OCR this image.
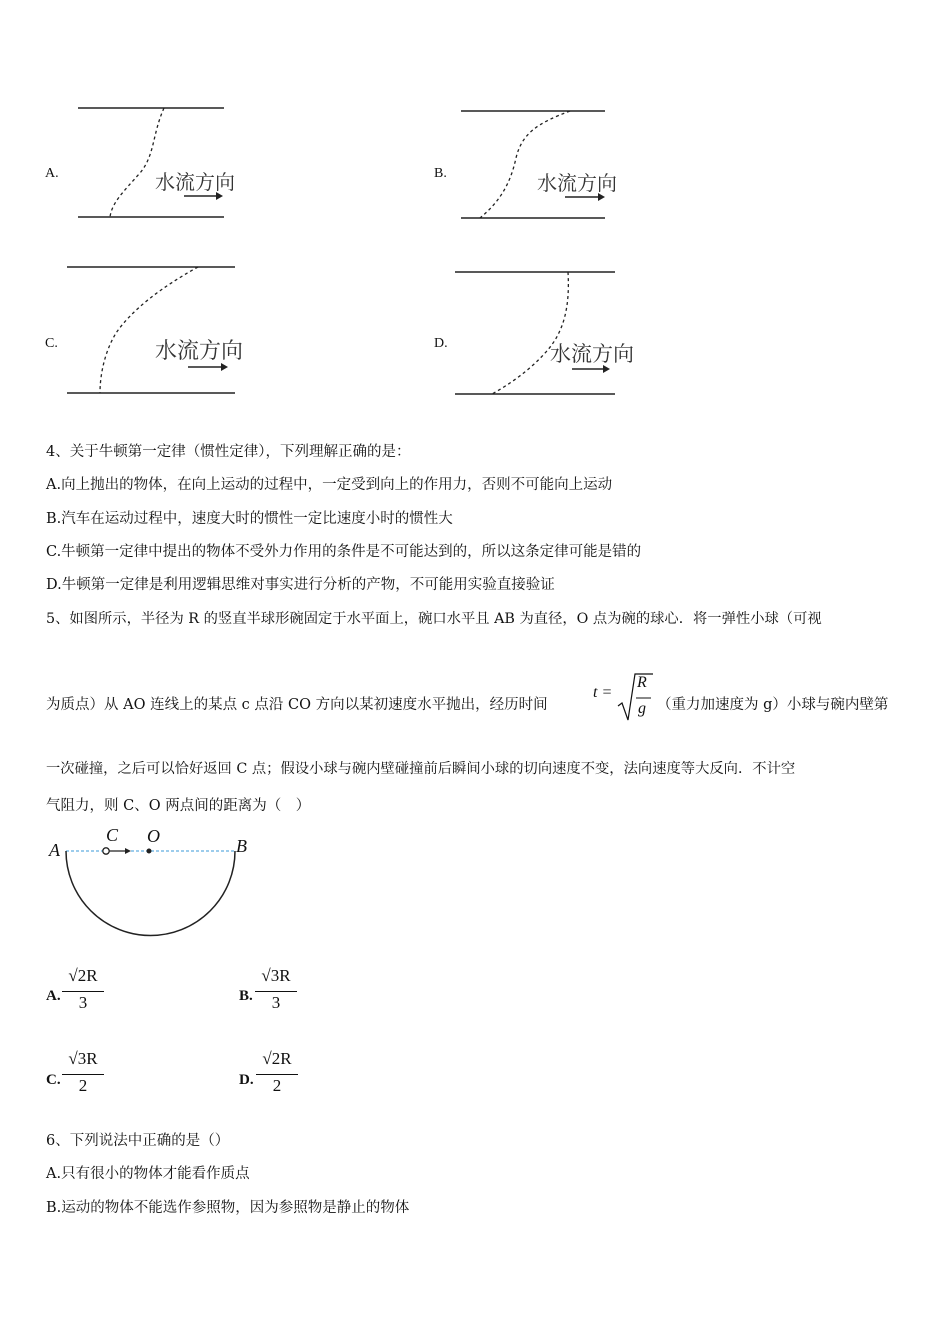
A.	水流方向	B.	水流方向
C.	水流方向	D.	水流方向
4、关于牛顿第一定律（惯性定律），下列理解正确的是：
A.向上抛出的物体，在向上运动的过程中，一定受到向上的作用力，否则不可能向上运动
B.汽车在运动过程中，速度大时的惯性一定比速度小时的惯性大
C.牛顿第一定律中提出的物体不受外力作用的条件是不可能达到的，所以这条定律可能是错的
D.牛顿第一定律是利用逻辑思维对事实进行分析的产物，不可能用实验直接验证
5、如图所示，半径为 R 的竖直半球形碗固定于水平面上，碗口水平且 AB 为直径，O 点为碗的球心．将一弹性小球（可视
为质点）从 AO 连线上的某点 c 点沿 CO 方向以某初速度水平抛出，经历时间
t =
R
g （重力加速度为 g）小球与碗内壁第
一次碰撞，之后可以恰好返回 C 点；假设小球与碗内壁碰撞前后瞬间小球的切向速度不变，法向速度等大反向．不计空
气阻力，则 C、O 两点间的距离为（　）
A	B
C O
A.
√2R
3	B.
√3R
3
C.
√3R
2	D.
√2R
2
6、下列说法中正确的是（）
A.只有很小的物体才能看作质点
B.运动的物体不能选作参照物，因为参照物是静止的物体
